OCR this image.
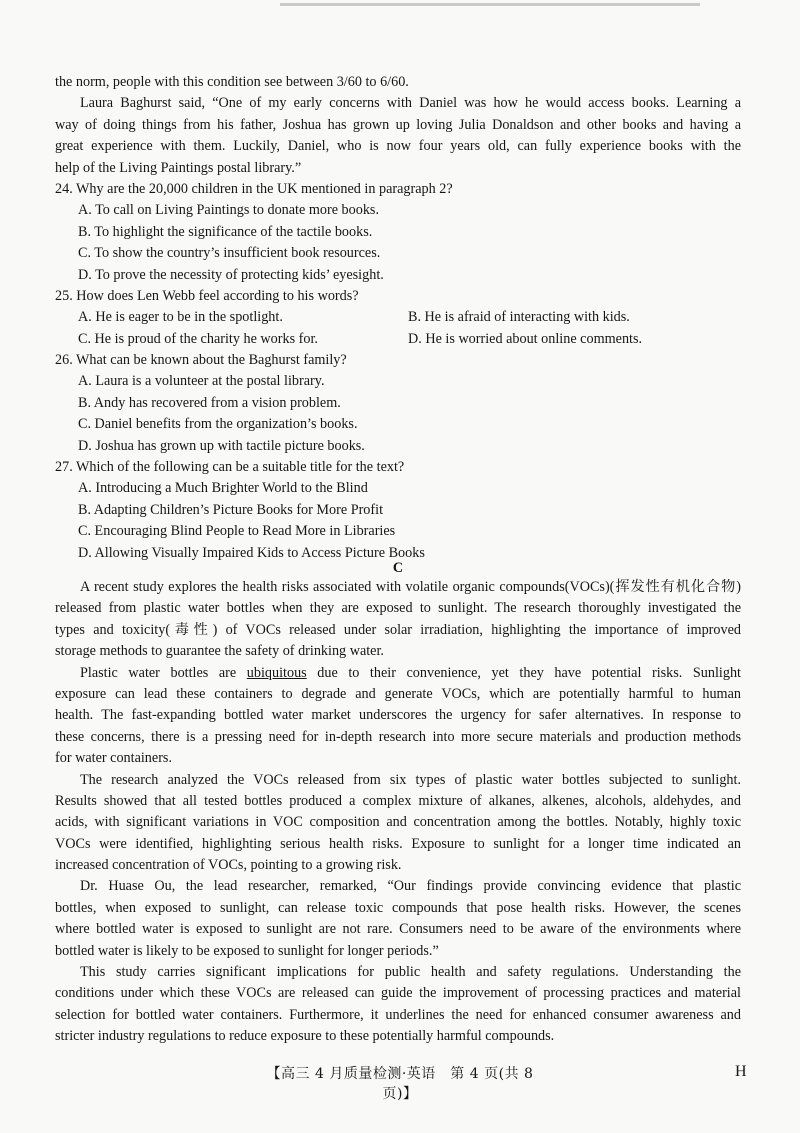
the norm, people with this condition see between 3/60 to 6/60.
Laura Baghurst said, “One of my early concerns with Daniel was how he would access books. Learning a
way of doing things from his father, Joshua has grown up loving Julia Donaldson and other books and having a
great experience with them. Luckily, Daniel, who is now four years old, can fully experience books with the
help of the Living Paintings postal library.”
24. Why are the 20,000 children in the UK mentioned in paragraph 2?
A. To call on Living Paintings to donate more books.
B. To highlight the significance of the tactile books.
C. To show the country’s insufficient book resources.
D. To prove the necessity of protecting kids’ eyesight.
25. How does Len Webb feel according to his words?
A. He is eager to be in the spotlight.	B. He is afraid of interacting with kids.
C. He is proud of the charity he works for.	D. He is worried about online comments.
26. What can be known about the Baghurst family?
A. Laura is a volunteer at the postal library.
B. Andy has recovered from a vision problem.
C. Daniel benefits from the organization’s books.
D. Joshua has grown up with tactile picture books.
27. Which of the following can be a suitable title for the text?
A. Introducing a Much Brighter World to the Blind
B. Adapting Children’s Picture Books for More Profit
C. Encouraging Blind People to Read More in Libraries
D. Allowing Visually Impaired Kids to Access Picture Books
C
A recent study explores the health risks associated with volatile organic compounds(VOCs)(挥发性有机化合物)
released from plastic water bottles when they are exposed to sunlight. The research thoroughly investigated the
types and toxicity(毒性) of VOCs released under solar irradiation, highlighting the importance of improved
storage methods to guarantee the safety of drinking water.
Plastic water bottles are ubiquitous due to their convenience, yet they have potential risks. Sunlight
exposure can lead these containers to degrade and generate VOCs, which are potentially harmful to human
health. The fast-expanding bottled water market underscores the urgency for safer alternatives. In response to
these concerns, there is a pressing need for in-depth research into more secure materials and production methods
for water containers.
The research analyzed the VOCs released from six types of plastic water bottles subjected to sunlight.
Results showed that all tested bottles produced a complex mixture of alkanes, alkenes, alcohols, aldehydes, and
acids, with significant variations in VOC composition and concentration among the bottles. Notably, highly toxic
VOCs were identified, highlighting serious health risks. Exposure to sunlight for a longer time indicated an
increased concentration of VOCs, pointing to a growing risk.
Dr. Huase Ou, the lead researcher, remarked, “Our findings provide convincing evidence that plastic
bottles, when exposed to sunlight, can release toxic compounds that pose health risks. However, the scenes
where bottled water is exposed to sunlight are not rare. Consumers need to be aware of the environments where
bottled water is likely to be exposed to sunlight for longer periods.”
This study carries significant implications for public health and safety regulations. Understanding the
conditions under which these VOCs are released can guide the improvement of processing practices and material
selection for bottled water containers. Furthermore, it underlines the need for enhanced consumer awareness and
stricter industry regulations to reduce exposure to these potentially harmful compounds.
【高三 4 月质量检测·英语　第 4 页(共 8 页)】
H
